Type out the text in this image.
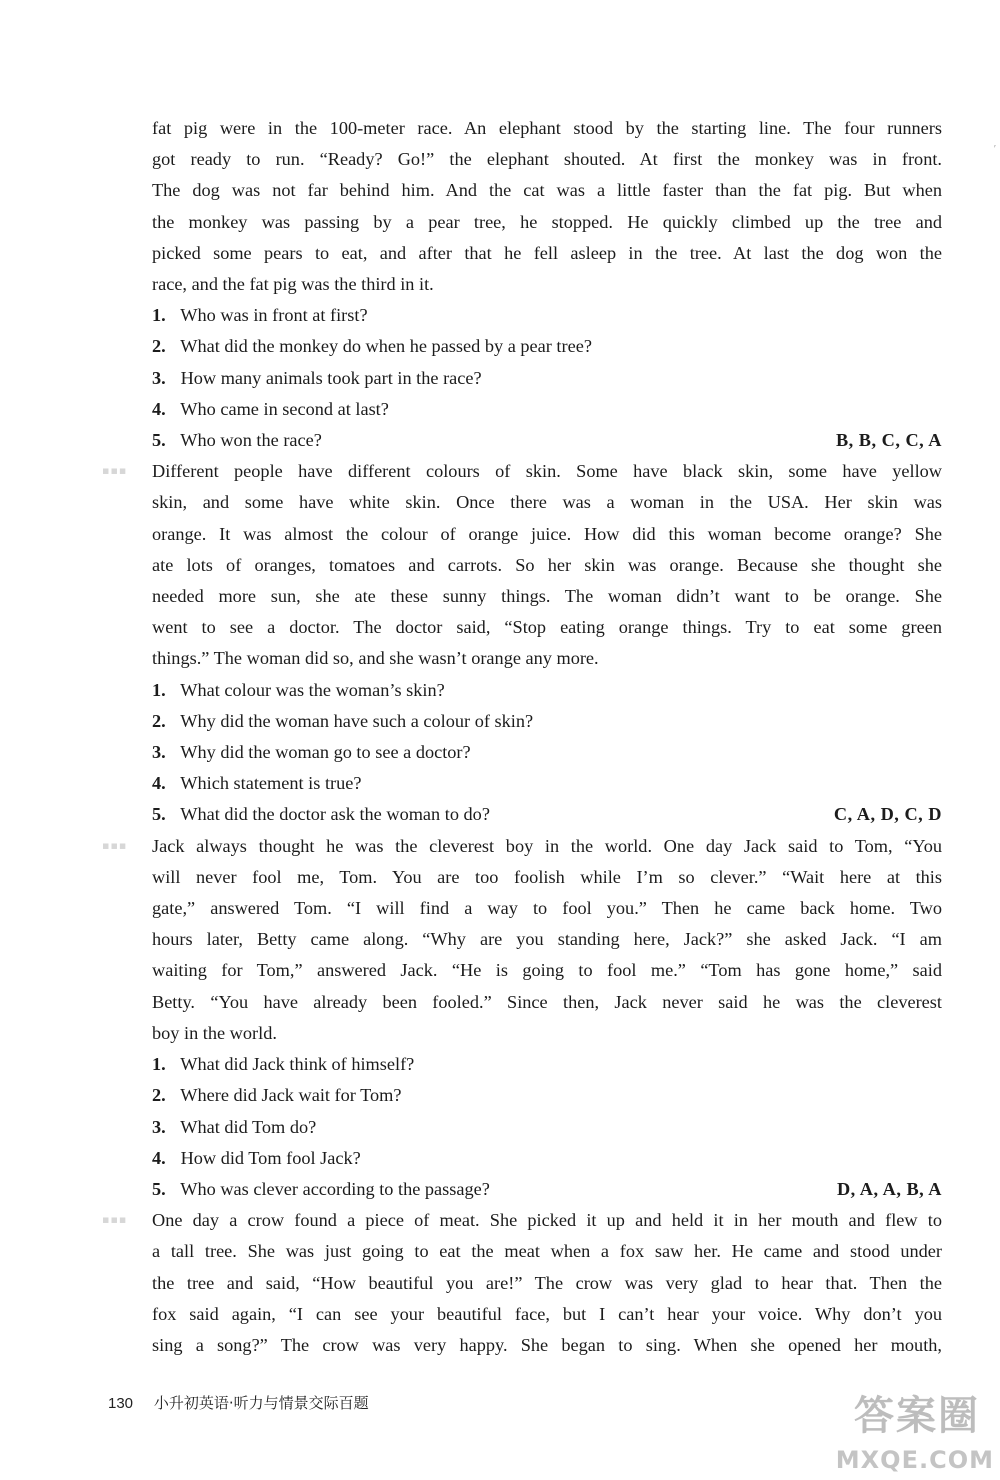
fat pig were in the 100-meter race. An elephant stood by the starting line. The four runners
got ready to run. “Ready? Go!” the elephant shouted. At first the monkey was in front.
The dog was not far behind him. And the cat was a little faster than the fat pig. But when
the monkey was passing by a pear tree, he stopped. He quickly climbed up the tree and
picked some pears to eat, and after that he fell asleep in the tree. At last the dog won the
race, and the fat pig was the third in it.
1. Who was in front at first?
2. What did the monkey do when he passed by a pear tree?
3. How many animals took part in the race?
4. Who came in second at last?
5. Who won the race?	B, B, C, C, A
▪▪▪	Different people have different colours of skin. Some have black skin, some have yellow
skin, and some have white skin. Once there was a woman in the USA. Her skin was
orange. It was almost the colour of orange juice. How did this woman become orange? She
ate lots of oranges, tomatoes and carrots. So her skin was orange. Because she thought she
needed more sun, she ate these sunny things. The woman didn’t want to be orange. She
went to see a doctor. The doctor said, “Stop eating orange things. Try to eat some green
things.” The woman did so, and she wasn’t orange any more.
1. What colour was the woman’s skin?
2. Why did the woman have such a colour of skin?
3. Why did the woman go to see a doctor?
4. Which statement is true?
5. What did the doctor ask the woman to do?	C, A, D, C, D
▪▪▪	Jack always thought he was the cleverest boy in the world. One day Jack said to Tom, “You
will never fool me, Tom. You are too foolish while I’m so clever.” “Wait here at this
gate,” answered Tom. “I will find a way to fool you.” Then he came back home. Two
hours later, Betty came along. “Why are you standing here, Jack?” she asked Jack. “I am
waiting for Tom,” answered Jack. “He is going to fool me.” “Tom has gone home,” said
Betty. “You have already been fooled.” Since then, Jack never said he was the cleverest
boy in the world.
1. What did Jack think of himself?
2. Where did Jack wait for Tom?
3. What did Tom do?
4. How did Tom fool Jack?
5. Who was clever according to the passage?	D, A, A, B, A
▪▪▪	One day a crow found a piece of meat. She picked it up and held it in her mouth and flew to
a tall tree. She was just going to eat the meat when a fox saw her. He came and stood under
the tree and said, “How beautiful you are!” The crow was very glad to hear that. Then the
fox said again, “I can see your beautiful face, but I can’t hear your voice. Why don’t you
sing a song?” The crow was very happy. She began to sing. When she opened her mouth,
130 小升初英语·听力与情景交际百题
′
答案圈
MXQE.COM
